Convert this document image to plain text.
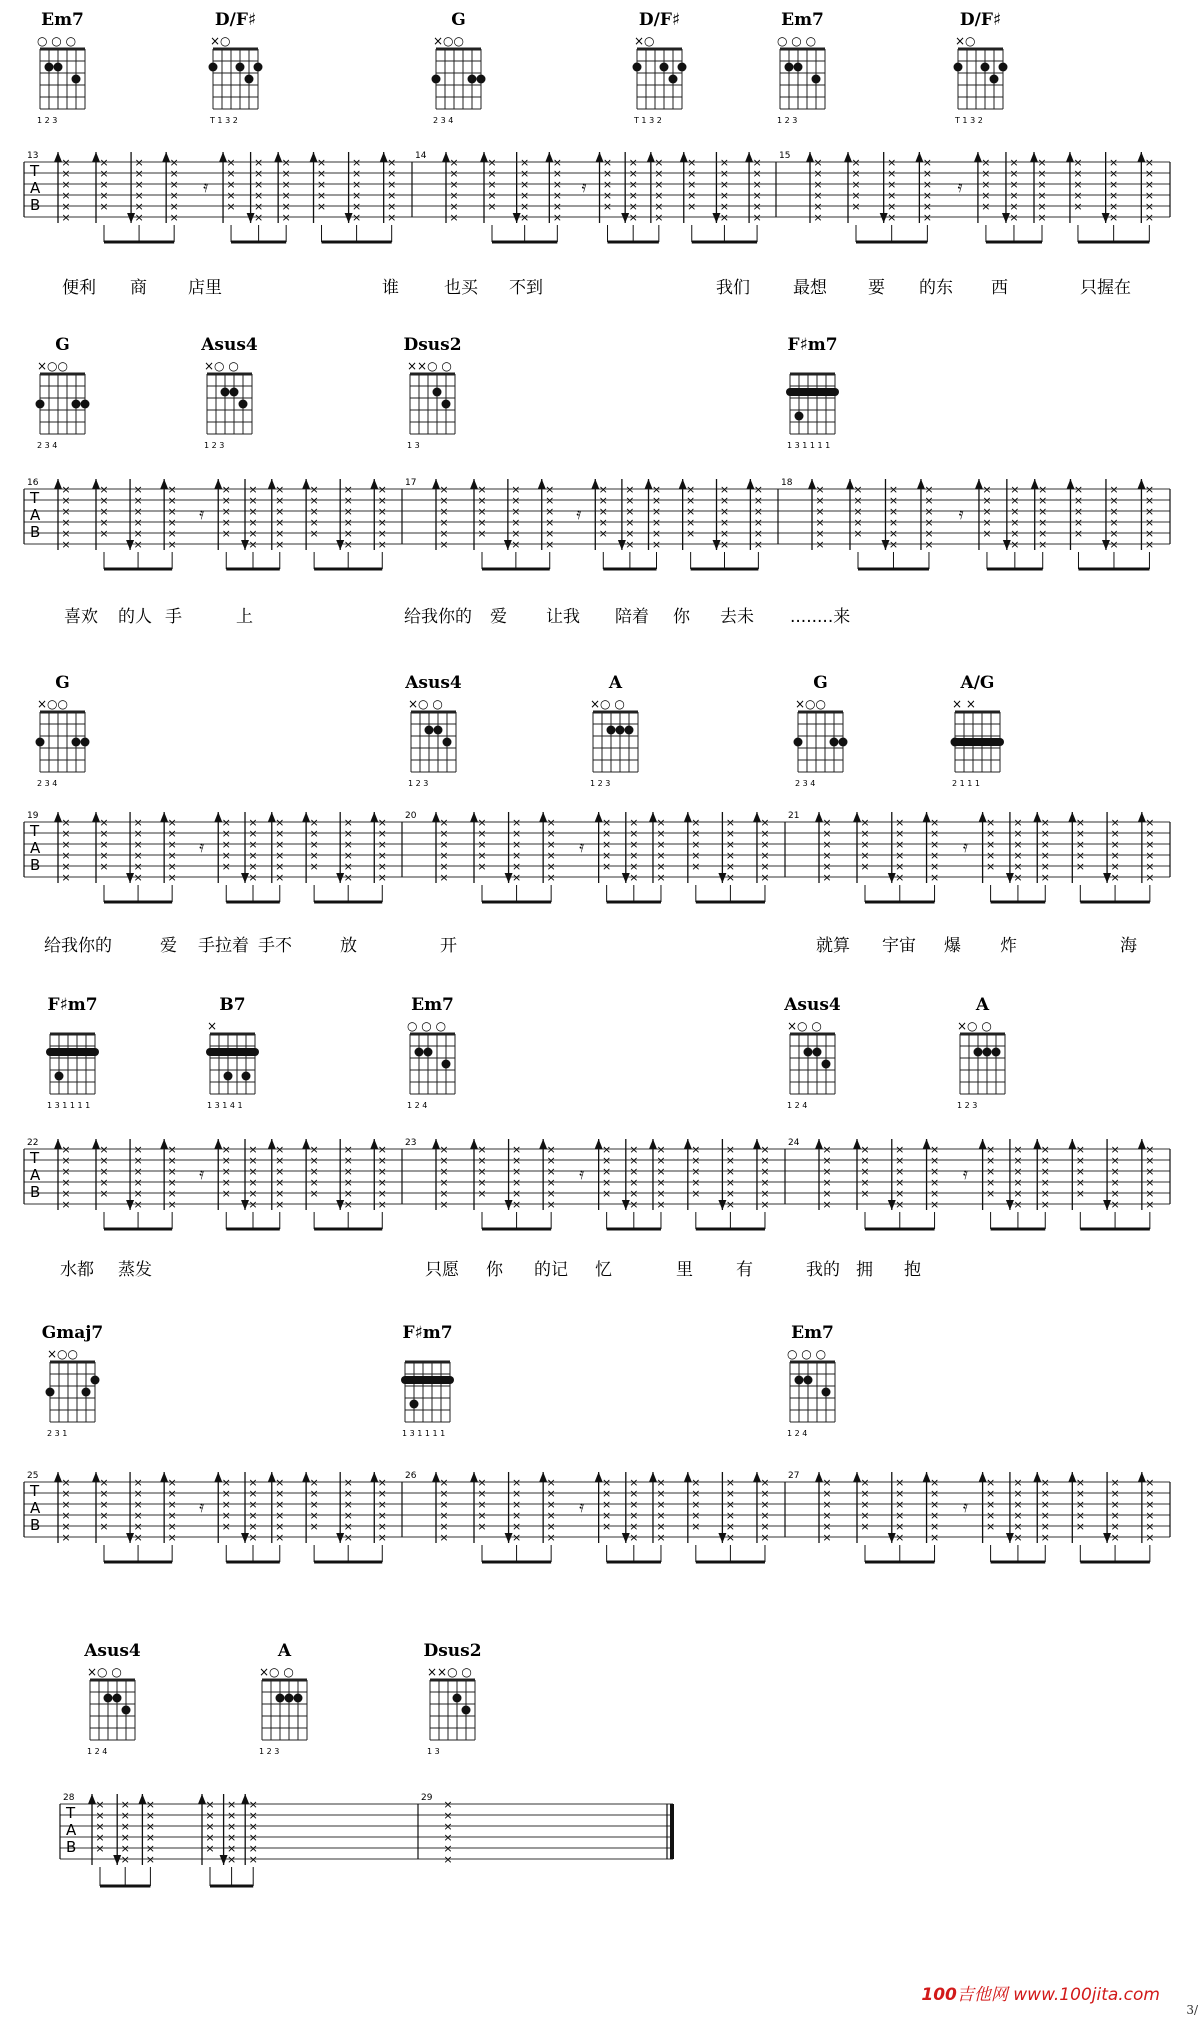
Em7
○ ○ ○
1 2 3
D/F♯
×○
T 1 3 2
G
×○○
2 3 4
D/F♯
×○
T 1 3 2
Em7
○ ○ ○
1 2 3
D/F♯
×○
T 1 3 2
T
A
B
13	14	15
×
×
×
×
×
×
×
×
×
×
×
×
×
×
×
×
×
×
×
×
×
×
×
𝄿
×
×
×
×
×
×
×
×
×
×
×
×
×
×
×
×
×
×
×
×
×
×
×
×
×
×
×
×
×
×
×
×
×
×
×
×
×
×
×
×
×
×
×
×
×
×
×
×
×
×
×
×
×
×
×
×
×
𝄿
×
×
×
×
×
×
×
×
×
×
×
×
×
×
×
×
×
×
×
×
×
×
×
×
×
×
×
×
×
×
×
×
×
×
×
×
×
×
×
×
×
×
×
×
×
×
×
×
×
×
×
×
×
×
×
×
×
𝄿
×
×
×
×
×
×
×
×
×
×
×
×
×
×
×
×
×
×
×
×
×
×
×
×
×
×
×
×
×
×
×
×
×
×
便利 商 店里	谁	也买 不到	我们	最想 要 的东 西	只握在
G
×○○
2 3 4
Asus4
×○ ○
1 2 3
Dsus2
××○ ○
1 3
F♯m7
1 3 1 1 1 1
T
A
B
16	17	18
×
×
×
×
×
×
×
×
×
×
×
×
×
×
×
×
×
×
×
×
×
×
×
𝄿
×
×
×
×
×
×
×
×
×
×
×
×
×
×
×
×
×
×
×
×
×
×
×
×
×
×
×
×
×
×
×
×
×
×
×
×
×
×
×
×
×
×
×
×
×
×
×
×
×
×
×
×
×
×
×
×
×
𝄿
×
×
×
×
×
×
×
×
×
×
×
×
×
×
×
×
×
×
×
×
×
×
×
×
×
×
×
×
×
×
×
×
×
×
×
×
×
×
×
×
×
×
×
×
×
×
×
×
×
×
×
×
×
×
×
×
×
𝄿
×
×
×
×
×
×
×
×
×
×
×
×
×
×
×
×
×
×
×
×
×
×
×
×
×
×
×
×
×
×
×
×
×
×
喜欢 的人 手	上	给我你的 爱 让我 陪着 你 去未 ........来
G
×○○
2 3 4
Asus4
×○ ○
1 2 3
A
×○ ○
1 2 3
G
×○○
2 3 4
A/G
× ×
2 1 1 1
T
A
B
19	20	21
×
×
×
×
×
×
×
×
×
×
×
×
×
×
×
×
×
×
×
×
×
×
×
𝄿
×
×
×
×
×
×
×
×
×
×
×
×
×
×
×
×
×
×
×
×
×
×
×
×
×
×
×
×
×
×
×
×
×
×
×
×
×
×
×
×
×
×
×
×
×
×
×
×
×
×
×
×
×
×
×
×
×
𝄿
×
×
×
×
×
×
×
×
×
×
×
×
×
×
×
×
×
×
×
×
×
×
×
×
×
×
×
×
×
×
×
×
×
×
×
×
×
×
×
×
×
×
×
×
×
×
×
×
×
×
×
×
×
×
×
×
×
𝄿
×
×
×
×
×
×
×
×
×
×
×
×
×
×
×
×
×
×
×
×
×
×
×
×
×
×
×
×
×
×
×
×
×
×
给我你的	爱 手拉着 手不	放	开	就算 宇宙 爆 炸	海
F♯m7
1 3 1 1 1 1
B7
×
1 3 1 4 1
Em7
○ ○ ○
1 2 4
Asus4
×○ ○
1 2 4
A
×○ ○
1 2 3
T
A
B
22	23	24
×
×
×
×
×
×
×
×
×
×
×
×
×
×
×
×
×
×
×
×
×
×
×
𝄿
×
×
×
×
×
×
×
×
×
×
×
×
×
×
×
×
×
×
×
×
×
×
×
×
×
×
×
×
×
×
×
×
×
×
×
×
×
×
×
×
×
×
×
×
×
×
×
×
×
×
×
×
×
×
×
×
×
𝄿
×
×
×
×
×
×
×
×
×
×
×
×
×
×
×
×
×
×
×
×
×
×
×
×
×
×
×
×
×
×
×
×
×
×
×
×
×
×
×
×
×
×
×
×
×
×
×
×
×
×
×
×
×
×
×
×
×
𝄿
×
×
×
×
×
×
×
×
×
×
×
×
×
×
×
×
×
×
×
×
×
×
×
×
×
×
×
×
×
×
×
×
×
×
水都 蒸发	只愿 你 的记 忆	里	有	我的 拥 抱
Gmaj7
×○○
2 3 1
F♯m7
1 3 1 1 1 1
Em7
○ ○ ○
1 2 4
T
A
B
25	26	27
×
×
×
×
×
×
×
×
×
×
×
×
×
×
×
×
×
×
×
×
×
×
×
𝄿
×
×
×
×
×
×
×
×
×
×
×
×
×
×
×
×
×
×
×
×
×
×
×
×
×
×
×
×
×
×
×
×
×
×
×
×
×
×
×
×
×
×
×
×
×
×
×
×
×
×
×
×
×
×
×
×
×
𝄿
×
×
×
×
×
×
×
×
×
×
×
×
×
×
×
×
×
×
×
×
×
×
×
×
×
×
×
×
×
×
×
×
×
×
×
×
×
×
×
×
×
×
×
×
×
×
×
×
×
×
×
×
×
×
×
×
×
𝄿
×
×
×
×
×
×
×
×
×
×
×
×
×
×
×
×
×
×
×
×
×
×
×
×
×
×
×
×
×
×
×
×
×
×
Asus4
×○ ○
1 2 4
A
×○ ○
1 2 3
Dsus2
××○ ○
1 3
T
A
B
28	29
×
×
×
×
×
×
×
×
×
×
×
×
×
×
×
×
×
×
×
×
×
×
×
×
×
×
×
×
×
×
×
×
×
×
×
×
×
×
×
×
100吉他网 www.100jita.com
3/
